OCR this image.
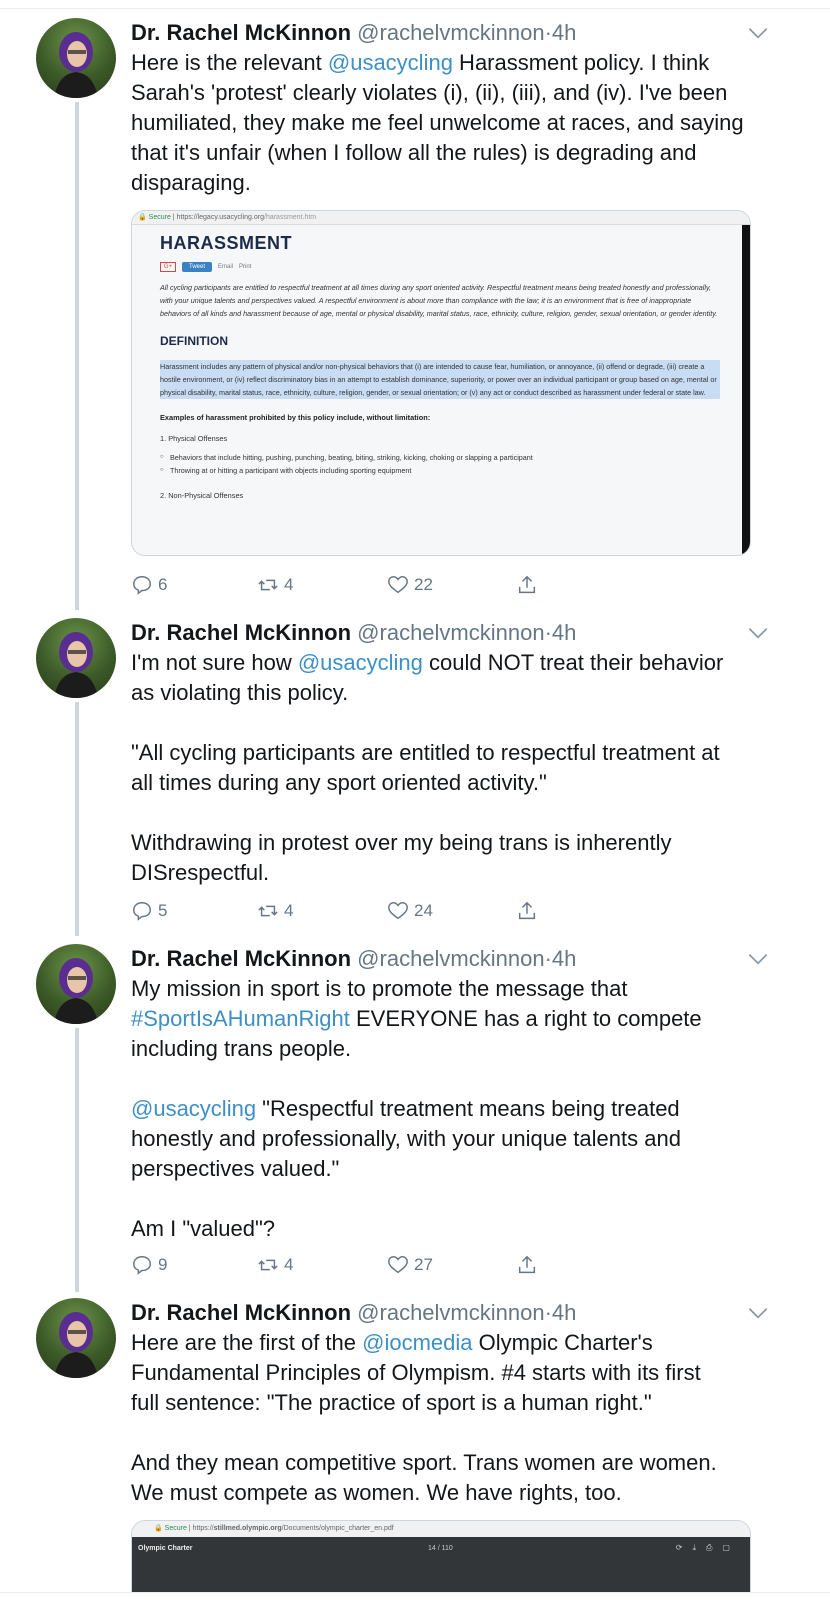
Dr. Rachel McKinnon @rachelvmckinnon·4h
Here is the relevant @usacycling Harassment policy. I think
Sarah's 'protest' clearly violates (i), (ii), (iii), and (iv). I've been
humiliated, they make me feel unwelcome at races, and saying
that it's unfair (when I follow all the rules) is degrading and
disparaging.
🔒 Secure | https://legacy.usacycling.org/harassment.htm
HARASSMENT
G+	Tweet	Email Print
All cycling participants are entitled to respectful treatment at all times during any sport oriented activity. Respectful treatment means being treated honestly and professionally, with your unique talents and perspectives valued. A respectful environment is about more than compliance with the law; it is an environment that is free of inappropriate behaviors of all kinds and harassment because of age, mental or physical disability, marital status, race, ethnicity, culture, religion, gender, sexual orientation, or gender identity.
DEFINITION
Harassment includes any pattern of physical and/or non-physical behaviors that (i) are intended to cause fear, humiliation, or annoyance, (ii) offend or degrade, (iii) create a hostile environment, or (iv) reflect discriminatory bias in an attempt to establish dominance, superiority, or power over an individual participant or group based on age, mental or physical disability, marital status, race, ethnicity, culture, religion, gender, or sexual orientation; or (v) any act or conduct described as harassment under federal or state law.
Examples of harassment prohibited by this policy include, without limitation:
1. Physical Offenses
○ Behaviors that include hitting, pushing, punching, beating, biting, striking, kicking, choking or slapping a participant
○ Throwing at or hitting a participant with objects including sporting equipment
2. Non-Physical Offenses
6	4	22
Dr. Rachel McKinnon @rachelvmckinnon·4h
I'm not sure how @usacycling could NOT treat their behavior
as violating this policy.

"All cycling participants are entitled to respectful treatment at
all times during any sport oriented activity."

Withdrawing in protest over my being trans is inherently
DISrespectful.
5	4	24
Dr. Rachel McKinnon @rachelvmckinnon·4h
My mission in sport is to promote the message that
#SportIsAHumanRight EVERYONE has a right to compete
including trans people.

@usacycling "Respectful treatment means being treated
honestly and professionally, with your unique talents and
perspectives valued."

Am I "valued"?
9	4	27
Dr. Rachel McKinnon @rachelvmckinnon·4h
Here are the first of the @iocmedia Olympic Charter's
Fundamental Principles of Olympism. #4 starts with its first
full sentence: "The practice of sport is a human right."

And they mean competitive sport. Trans women are women.
We must compete as women. We have rights, too.
🔒 Secure | https://stillmed.olympic.org/Documents/olympic_charter_en.pdf
Olympic Charter	14 / 110	⟳⤓⎙▢
